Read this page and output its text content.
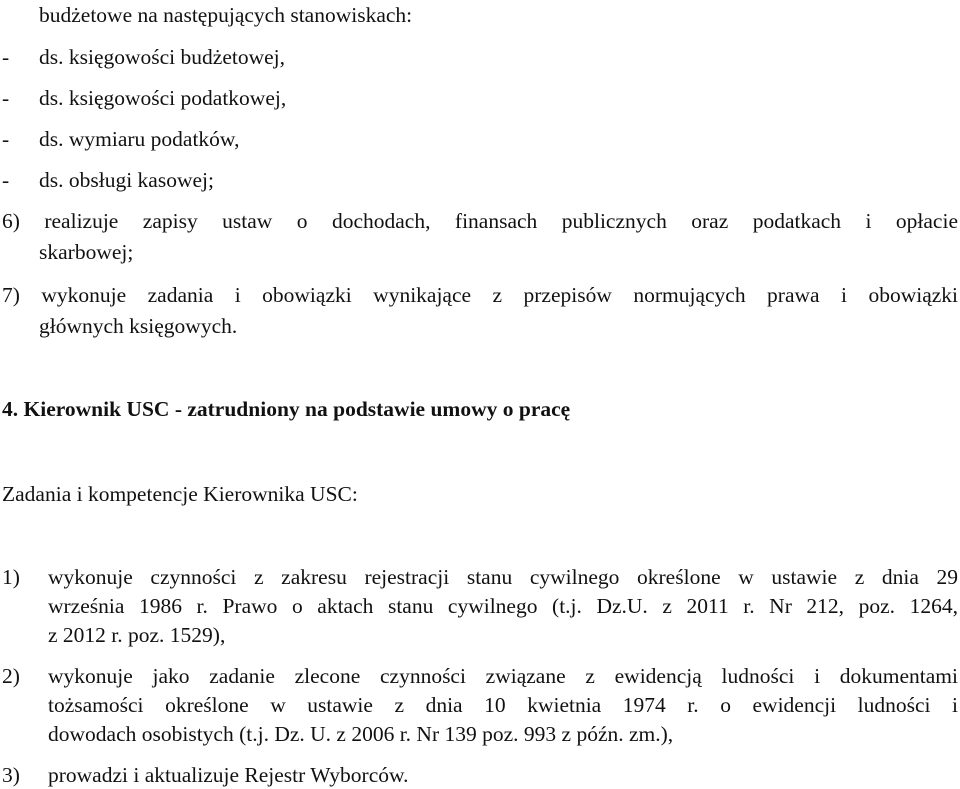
budżetowe na następujących stanowiskach:
- ds. księgowości budżetowej,
- ds. księgowości podatkowej,
- ds. wymiaru podatków,
- ds. obsługi kasowej;
6) realizuje zapisy ustaw o dochodach, finansach publicznych oraz podatkach i opłacie
skarbowej;
7) wykonuje zadania i obowiązki wynikające z przepisów normujących prawa i obowiązki
głównych księgowych.
4. Kierownik USC - zatrudniony na podstawie umowy o pracę
Zadania i kompetencje Kierownika USC:
1) wykonuje czynności z zakresu rejestracji stanu cywilnego określone w ustawie z dnia 29
września 1986 r. Prawo o aktach stanu cywilnego (t.j. Dz.U. z 2011 r. Nr 212, poz. 1264,
z 2012 r. poz. 1529),
2) wykonuje jako zadanie zlecone czynności związane z ewidencją ludności i dokumentami
tożsamości określone w ustawie z dnia 10 kwietnia 1974 r. o ewidencji ludności i
dowodach osobistych (t.j. Dz. U. z 2006 r. Nr 139 poz. 993 z późn. zm.),
3) prowadzi i aktualizuje Rejestr Wyborców.
